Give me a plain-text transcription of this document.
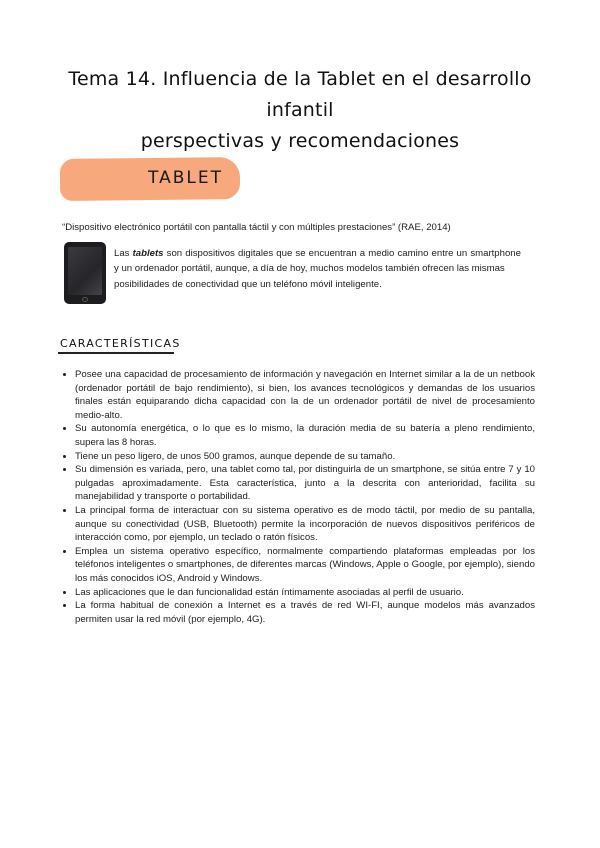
Tema 14. Influencia de la Tablet en el desarrollo infantil
perspectivas y recomendaciones
TABLET
“Dispositivo electrónico portátil con pantalla táctil y con múltiples prestaciones” (RAE, 2014)

Las tablets son dispositivos digitales que se encuentran a medio camino entre un smartphone y un ordenador portátil, aunque, a día de hoy, muchos modelos también ofrecen las mismas

posibilidades de conectividad que un teléfono móvil inteligente.

CARACTERÍSTICAS
• Posee una capacidad de procesamiento de información y navegación en Internet similar a la de un netbook (ordenador portátil de bajo rendimiento), si bien, los avances tecnológicos y demandas de los usuarios finales están equiparando dicha capacidad con la de un ordenador portátil de nivel de procesamiento medio-alto.
• Su autonomía energética, o lo que es lo mismo, la duración media de su batería a pleno rendimiento, supera las 8 horas.
• Tiene un peso ligero, de unos 500 gramos, aunque depende de su tamaño.
• Su dimensión es variada, pero, una tablet como tal, por distinguirla de un smartphone, se sitúa entre 7 y 10 pulgadas aproximadamente. Esta característica, junto a la descrita con anterioridad, facilita su manejabilidad y transporte o portabilidad.
• La principal forma de interactuar con su sistema operativo es de modo táctil, por medio de su pantalla, aunque su conectividad (USB, Bluetooth) permite la incorporación de nuevos dispositivos periféricos de interacción como, por ejemplo, un teclado o ratón físicos.
• Emplea un sistema operativo específico, normalmente compartiendo plataformas empleadas por los teléfonos inteligentes o smartphones, de diferentes marcas (Windows, Apple o Google, por ejemplo), siendo los más conocidos iOS, Android y Windows.
• Las aplicaciones que le dan funcionalidad están íntimamente asociadas al perfil de usuario.
• La forma habitual de conexión a Internet es a través de red WI-FI, aunque modelos más avanzados permiten usar la red móvil (por ejemplo, 4G).
